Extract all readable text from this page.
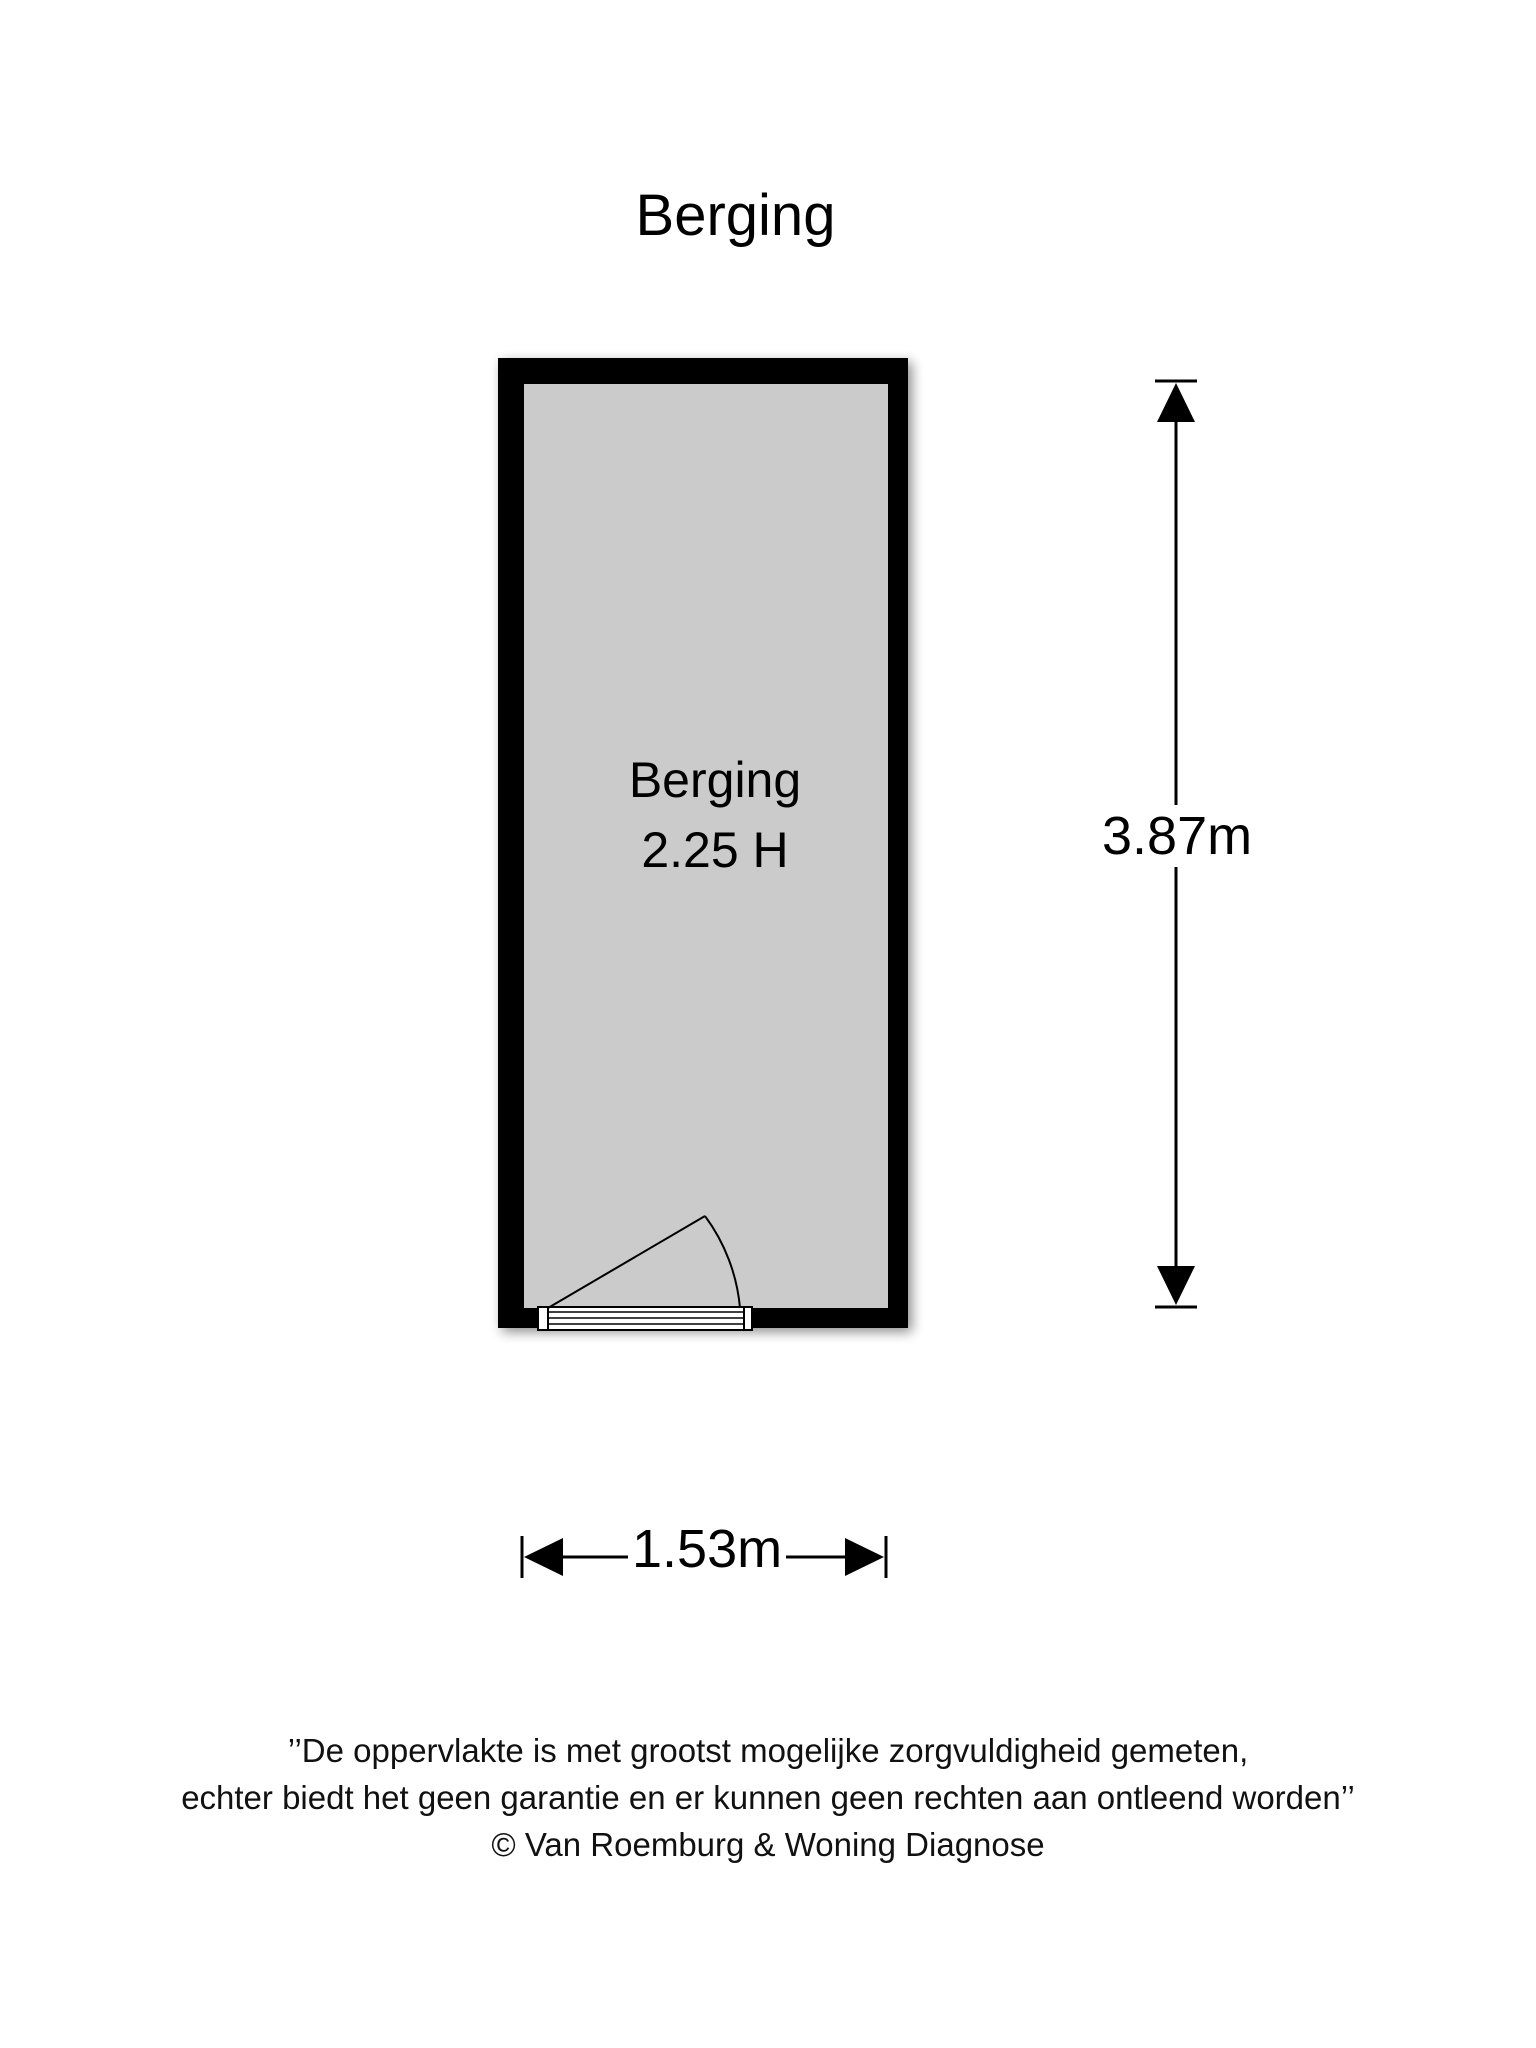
Berging
Berging
2.25 H	3.87m
1.53m
’’De oppervlakte is met grootst mogelijke zorgvuldigheid gemeten,
echter biedt het geen garantie en er kunnen geen rechten aan ontleend worden’’
© Van Roemburg & Woning Diagnose
